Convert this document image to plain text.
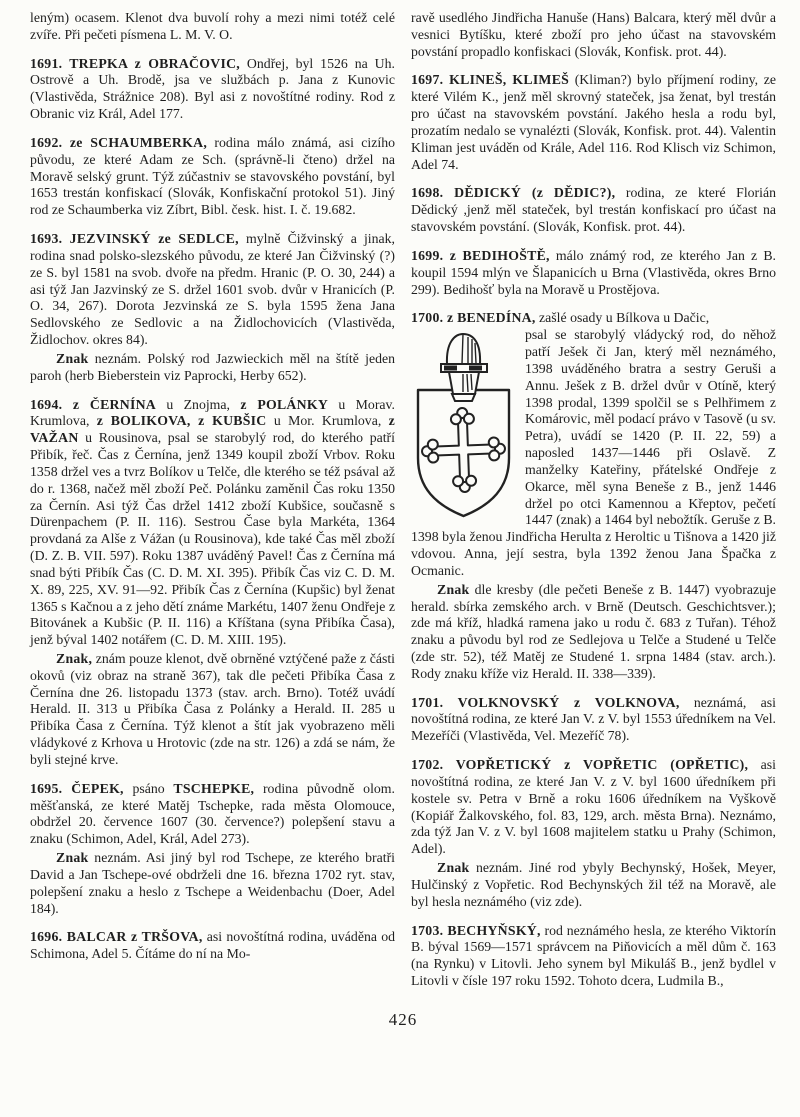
leným) ocasem. Klenot dva buvolí rohy a mezi nimi totéž celé zvíře. Při pečeti písmena L. M. V. O.

1691. TREPKA z OBRAČOVIC, Ondřej, byl 1526 na Uh. Ostrově a Uh. Brodě, jsa ve službách p. Jana z Kunovic (Vlastivěda, Strážnice 208). Byl asi z novoštítné rodiny. Rod z Obranic viz Král, Adel 177.

1692. ze SCHAUMBERKA, rodina málo známá, asi cizího původu, ze které Adam ze Sch. (správně-li čteno) držel na Moravě selský grunt. Týž zúčastniv se stavovského povstání, byl 1653 trestán konfiskací (Slovák, Konfiskační protokol 51). Jiný rod ze Schaumberka viz Zíbrt, Bibl. česk. hist. I. č. 19.682.

1693. JEZVINSKÝ ze SEDLCE, mylně Čižvinský a jinak, rodina snad polsko-slezského původu, ze které Jan Čižvinský (?) ze S. byl 1581 na svob. dvoře na předm. Hranic (P. O. 30, 244) a asi týž Jan Jazvinský ze S. držel 1601 svob. dvůr v Hranicích (P. O. 34, 267). Dorota Jezvinská ze S. byla 1595 žena Jana Sedlovského ze Sedlovic a na Židlochovicích (Vlastivěda, Židlochov. okres 84).

Znak neznám. Polský rod Jazwieckich měl na štítě jeden paroh (herb Bieberstein viz Paprocki, Herby 652).

1694. z ČERNÍNA u Znojma, z POLÁNKY u Morav. Krumlova, z BOLIKOVA, z KUBŠIC u Mor. Krumlova, z VAŽAN u Rousinova, psal se starobylý rod, do kterého patří Přibík, řeč. Čas z Černína, jenž 1349 koupil zboží Vrbov. Roku 1358 držel ves a tvrz Bolíkov u Telče, dle kterého se též psával až do r. 1368, načež měl zboží Peč. Polánku zaměnil Čas roku 1350 za Černín. Asi týž Čas držel 1412 zboží Kubšice, současně s Dürenpachem (P. II. 116). Sestrou Čase byla Markéta, 1364 provdaná za Alše z Vážan (u Rousinova), kde také Čas měl zboží (D. Z. B. VII. 597). Roku 1387 uváděný Pavel! Čas z Černína má snad býti Přibík Čas (C. D. M. XI. 395). Přibík Čas viz C. D. M. X. 89, 225, XV. 91—92. Přibík Čas z Černína (Kupšic) byl ženat 1365 s Kačnou a z jeho dětí známe Markétu, 1407 ženu Ondřeje z Bitovánek a Kubšic (P. II. 116) a Kříštana (syna Přibíka Časa), jenž býval 1402 notářem (C. D. M. XIII. 195).

Znak, znám pouze klenot, dvě obrněné vztýčené paže z části okovů (viz obraz na straně 367), tak dle pečeti Přibíka Časa z Černína dne 26. listopadu 1373 (stav. arch. Brno). Totéž uvádí Herald. II. 313 u Přibíka Časa z Polánky a Herald. II. 285 u Přibíka Časa z Černína. Týž klenot a štít jak vyobrazeno měli vládykové z Krhova u Hrotovic (zde na str. 126) a zdá se nám, že byli stejné krve.

1695. ČEPEK, psáno TSCHEPKE, rodina původně olom. měšťanská, ze které Matěj Tschepke, rada města Olomouce, obdržel 20. července 1607 (30. července?) polepšení stavu a znaku (Schimon, Adel, Král, Adel 273).

Znak neznám. Asi jiný byl rod Tschepe, ze kterého bratři David a Jan Tschepe-ové obdrželi dne 16. března 1702 ryt. stav, polepšení znaku a heslo z Tschepe a Weidenbachu (Doer, Adel 184).

1696. BALCAR z TRŠOVA, asi novoštítná rodina, uváděna od Schimona, Adel 5. Čítáme do ní na Mo-

ravě usedlého Jindřicha Hanuše (Hans) Balcara, který měl dvůr a vesnici Bytíšku, které zboží pro jeho účast na stavovském povstání propadlo konfiskaci (Slovák, Konfisk. prot. 44).

1697. KLINEŠ, KLIMEŠ (Kliman?) bylo příjmení rodiny, ze které Vilém K., jenž měl skrovný stateček, jsa ženat, byl trestán pro účast na stavovském povstání. Jakého hesla a rodu byl, prozatím nedalo se vynalézti (Slovák, Konfisk. prot. 44). Valentin Kliman jest uváděn od Krále, Adel 116. Rod Klisch viz Schimon, Adel 74.

1698. DĚDICKÝ (z DĚDIC?), rodina, ze které Florián Dědický ,jenž měl stateček, byl trestán konfiskací pro účast na stavovském povstání. (Slovák, Konfisk. prot. 44).

1699. z BEDIHOŠTĚ, málo známý rod, ze kterého Jan z B. koupil 1594 mlýn ve Šlapanicích u Brna (Vlastivěda, okres Brno 299). Bedihošť byla na Moravě u Prostějova.

1700. z BENEDÍNA, zašlé osady u Bílkova u Dačic,

psal se starobylý vládycký rod, do něhož patří Ješek či Jan, který měl neznámého, 1398 uváděného bratra a sestry Geruši a Annu. Ješek z B. držel dvůr v Otíně, který 1398 prodal, 1399 spolčil se s Pelhřimem z Komárovic, měl podací právo v Tasově (u sv. Petra), uvádí se 1420 (P. II. 22, 59) a naposled 1437—1446 při Oslavě. Z manželky Kateřiny, přátelské Ondřeje z Okarce, měl syna Beneše z B., jenž 1446 držel po otci Kamennou a Křeptov, pečetí 1447 (znak) a 1464 byl nebožtík. Geruše z B. 1398 byla ženou Jindřicha Herulta z Heroltic u Tišnova a 1420 již vdovou. Anna, její sestra, byla 1392 ženou Jana Špačka z Ocmanic.

Znak dle kresby (dle pečeti Beneše z B. 1447) vyobrazuje herald. sbírka zemského arch. v Brně (Deutsch. Geschichtsver.); zde má kříž, hladká ramena jako u rodu č. 683 z Tuřan). Téhož znaku a původu byl rod ze Sedlejova u Telče a Studené u Telče (zde str. 52), též Matěj ze Studené 1. srpna 1484 (stav. arch.). Rody znaku kříže viz Herald. II. 338—339).

1701. VOLKNOVSKÝ z VOLKNOVA, neznámá, asi novoštítná rodina, ze které Jan V. z V. byl 1553 úředníkem na Vel. Mezeříči (Vlastivěda, Vel. Mezeříč 78).

1702. VOPŘETICKÝ z VOPŘETIC (OPŘETIC), asi novoštítná rodina, ze které Jan V. z V. byl 1600 úředníkem při kostele sv. Petra v Brně a roku 1606 úředníkem na Vyškově (Kopiář Žalkovského, fol. 83, 129, arch. města Brna). Neznámo, zda týž Jan V. z V. byl 1608 majitelem statku u Prahy (Schimon, Adel).

Znak neznám. Jiné rod ybyly Bechynský, Hošek, Meyer, Hulčinský z Vopřetic. Rod Bechynských žil též na Moravě, ale byl hesla neznámého (viz zde).

1703. BECHYŇSKÝ, rod neznámého hesla, ze kterého Viktorín B. býval 1569—1571 správcem na Piňovicích a měl dům č. 163 (na Rynku) v Litovli. Jeho synem byl Mikuláš B., jenž bydlel v Litovli v čísle 197 roku 1592. Tohoto dcera, Ludmila B.,

426
